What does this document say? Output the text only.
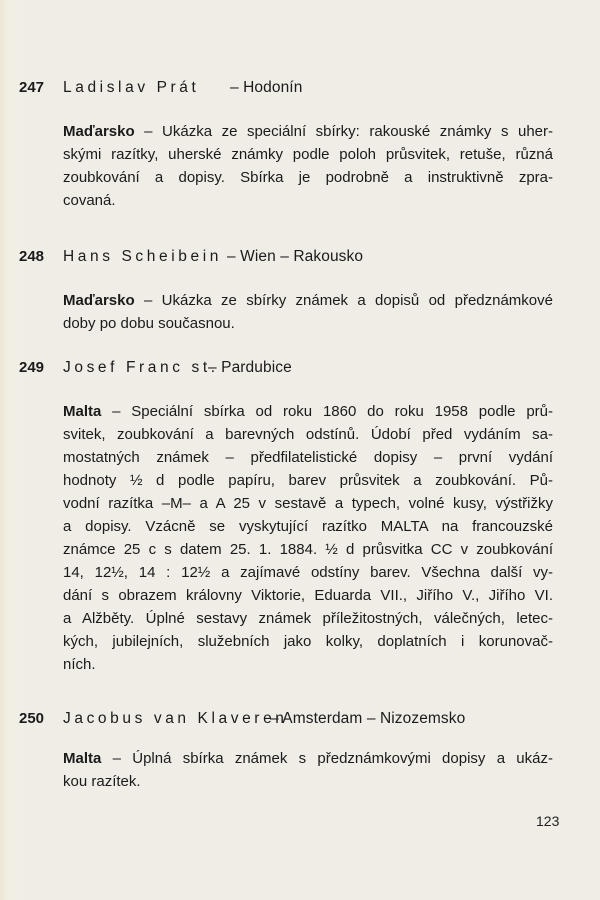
247 Ladislav Prát – Hodonín
Maďarsko – Ukázka ze speciální sbírky: rakouské známky s uher-
skými razítky, uherské známky podle poloh průsvitek, retuše, různá
zoubkování a dopisy. Sbírka je podrobně a instruktivně zpra-
covaná.
248 Hans Scheibein – Wien – Rakousko
Maďarsko – Ukázka ze sbírky známek a dopisů od předznámkové
doby po dobu současnou.
249 Josef Franc st.
– Pardubice
Malta – Speciální sbírka od roku 1860 do roku 1958 podle prů-
svitek, zoubkování a barevných odstínů. Údobí před vydáním sa-
mostatných známek – předfilatelistické dopisy – první vydání
hodnoty ½ d podle papíru, barev průsvitek a zoubkování. Pů-
vodní razítka –M– a A 25 v sestavě a typech, volné kusy, výstřižky
a dopisy. Vzácně se vyskytující razítko MALTA na francouzské
známce 25 c s datem 25. 1. 1884. ½ d průsvitka CC v zoubkování
14, 12½, 14 : 12½ a zajímavé odstíny barev. Všechna další vy-
dání s obrazem královny Viktorie, Eduarda VII., Jiřího V., Jiřího VI.
a Alžběty. Úplné sestavy známek příležitostných, válečných, letec-
kých, jubilejních, služebních jako kolky, doplatních i korunovač-
ních.
250 Jacobus van Klaveren
– Amsterdam – Nizozemsko
Malta – Úplná sbírka známek s předznámkovými dopisy a ukáz-
kou razítek.
123
